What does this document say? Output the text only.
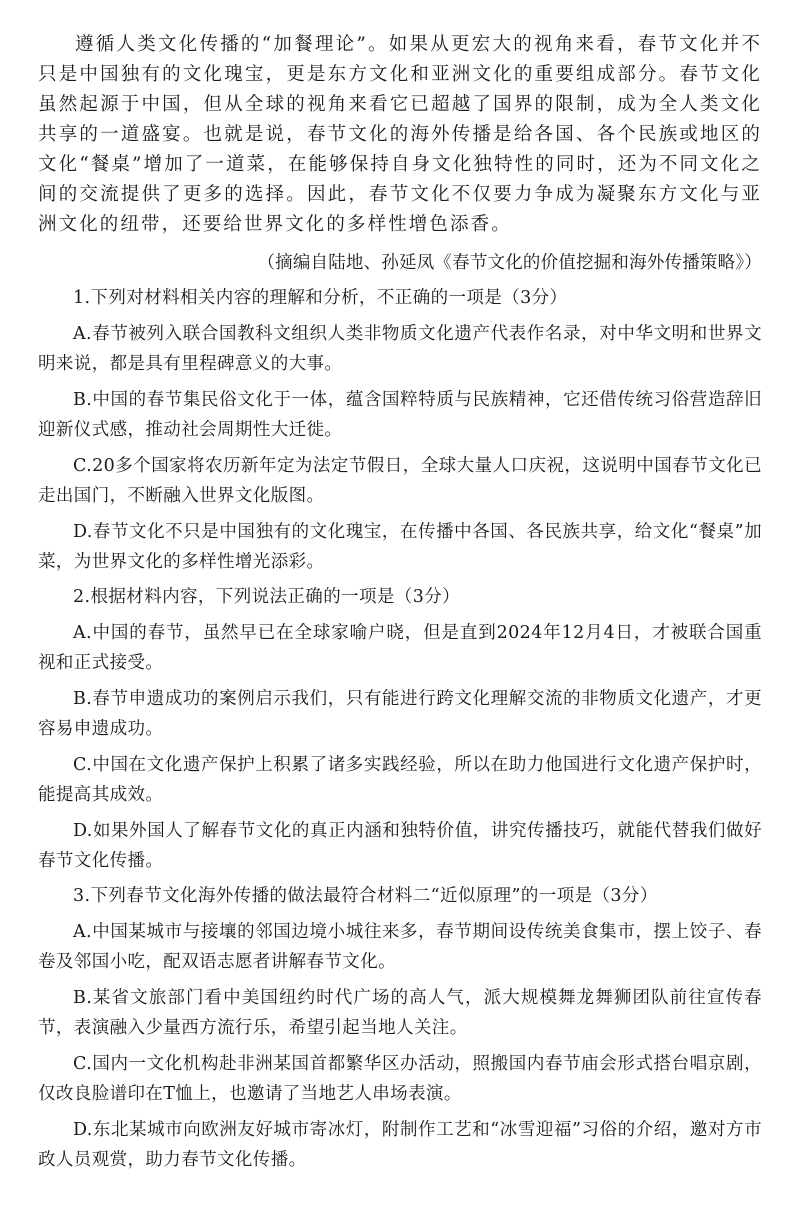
遵循人类文化传播的“加餐理论”。如果从更宏大的视角来看，春节文化并不只是中国独有的文化瑰宝，更是东方文化和亚洲文化的重要组成部分。春节文化虽然起源于中国，但从全球的视角来看它已超越了国界的限制，成为全人类文化共享的一道盛宴。也就是说，春节文化的海外传播是给各国、各个民族或地区的文化“餐桌”增加了一道菜，在能够保持自身文化独特性的同时，还为不同文化之间的交流提供了更多的选择。因此，春节文化不仅要力争成为凝聚东方文化与亚洲文化的纽带，还要给世界文化的多样性增色添香。

（摘编自陆地、孙延凤《春节文化的价值挖掘和海外传播策略》）

1.下列对材料相关内容的理解和分析，不正确的一项是（3分）

A.春节被列入联合国教科文组织人类非物质文化遗产代表作名录，对中华文明和世界文明来说，都是具有里程碑意义的大事。

B.中国的春节集民俗文化于一体，蕴含国粹特质与民族精神，它还借传统习俗营造辞旧迎新仪式感，推动社会周期性大迁徙。

C.20多个国家将农历新年定为法定节假日，全球大量人口庆祝，这说明中国春节文化已走出国门，不断融入世界文化版图。

D.春节文化不只是中国独有的文化瑰宝，在传播中各国、各民族共享，给文化“餐桌”加菜，为世界文化的多样性增光添彩。

2.根据材料内容，下列说法正确的一项是（3分）

A.中国的春节，虽然早已在全球家喻户晓，但是直到2024年12月4日，才被联合国重视和正式接受。

B.春节申遗成功的案例启示我们，只有能进行跨文化理解交流的非物质文化遗产，才更容易申遗成功。

C.中国在文化遗产保护上积累了诸多实践经验，所以在助力他国进行文化遗产保护时，能提高其成效。

D.如果外国人了解春节文化的真正内涵和独特价值，讲究传播技巧，就能代替我们做好春节文化传播。

3.下列春节文化海外传播的做法最符合材料二“近似原理”的一项是（3分）

A.中国某城市与接壤的邻国边境小城往来多，春节期间设传统美食集市，摆上饺子、春卷及邻国小吃，配双语志愿者讲解春节文化。

B.某省文旅部门看中美国纽约时代广场的高人气，派大规模舞龙舞狮团队前往宣传春节，表演融入少量西方流行乐，希望引起当地人关注。

C.国内一文化机构赴非洲某国首都繁华区办活动，照搬国内春节庙会形式搭台唱京剧，仅改良脸谱印在T恤上，也邀请了当地艺人串场表演。

D.东北某城市向欧洲友好城市寄冰灯，附制作工艺和“冰雪迎福”习俗的介绍，邀对方市政人员观赏，助力春节文化传播。
